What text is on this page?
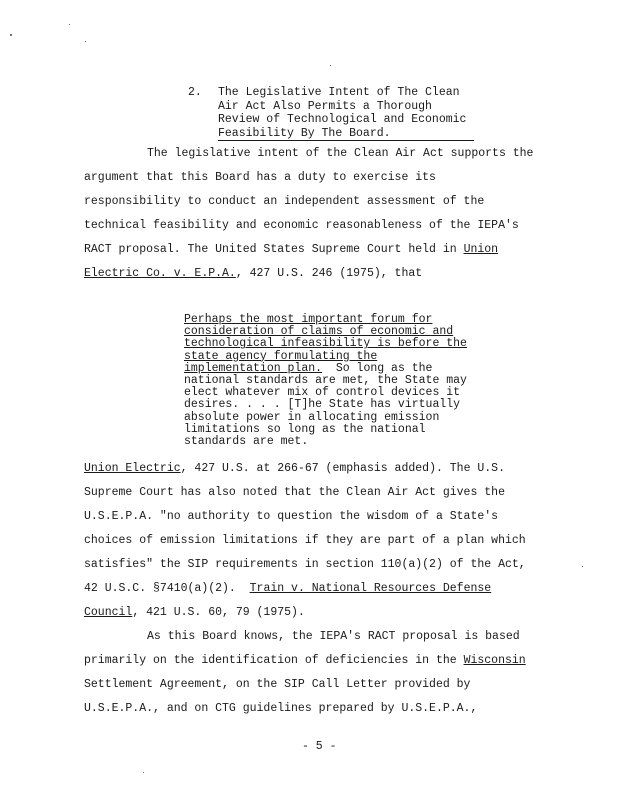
2. The Legislative Intent of The Clean
Air Act Also Permits a Thorough
Review of Technological and Economic
Feasibility By The Board.
The legislative intent of the Clean Air Act supports the
argument that this Board has a duty to exercise its
responsibility to conduct an independent assessment of the
technical feasibility and economic reasonableness of the IEPA's
RACT proposal. The United States Supreme Court held in Union
Electric Co. v. E.P.A., 427 U.S. 246 (1975), that
Perhaps the most important forum for
consideration of claims of economic and
technological infeasibility is before the
state agency formulating the
implementation plan.  So long as the
national standards are met, the State may
elect whatever mix of control devices it
desires. . . . [T]he State has virtually
absolute power in allocating emission
limitations so long as the national
standards are met.
Union Electric, 427 U.S. at 266-67 (emphasis added). The U.S.
Supreme Court has also noted that the Clean Air Act gives the
U.S.E.P.A. "no authority to question the wisdom of a State's
choices of emission limitations if they are part of a plan which
satisfies" the SIP requirements in section 110(a)(2) of the Act,
42 U.S.C. §7410(a)(2).  Train v. National Resources Defense
Council, 421 U.S. 60, 79 (1975).
As this Board knows, the IEPA's RACT proposal is based
primarily on the identification of deficiencies in the Wisconsin
Settlement Agreement, on the SIP Call Letter provided by
U.S.E.P.A., and on CTG guidelines prepared by U.S.E.P.A.,
- 5 -
